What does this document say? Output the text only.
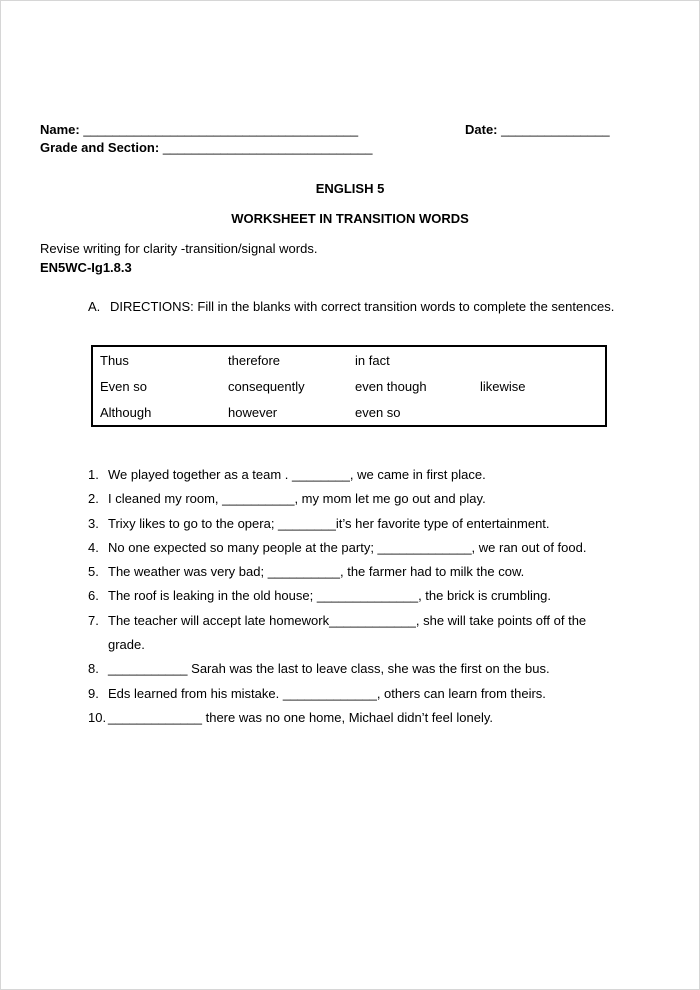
Name: ______________________________________	Date: _______________
Grade and Section: _____________________________
ENGLISH 5
WORKSHEET IN TRANSITION WORDS
Revise writing for clarity -transition/signal words.
EN5WC-Ig1.8.3
A. DIRECTIONS: Fill in the blanks with correct transition words to complete the sentences.
Thus	therefore	in fact
Even so	consequently	even though	likewise
Although	however	even so
1. We played together as a team . ________, we came in first place.
2. I cleaned my room, __________, my mom let me go out and play.
3. Trixy likes to go to the opera; ________it’s her favorite type of entertainment.
4. No one expected so many people at the party; _____________, we ran out of food.
5. The weather was very bad; __________, the farmer had to milk the cow.
6. The roof is leaking in the old house; ______________, the brick is crumbling.
7. The teacher will accept late homework____________, she will take points off of the grade.
8. ___________ Sarah was the last to leave class, she was the first on the bus.
9. Eds learned from his mistake. _____________, others can learn from theirs.
10. _____________ there was no one home, Michael didn’t feel lonely.
